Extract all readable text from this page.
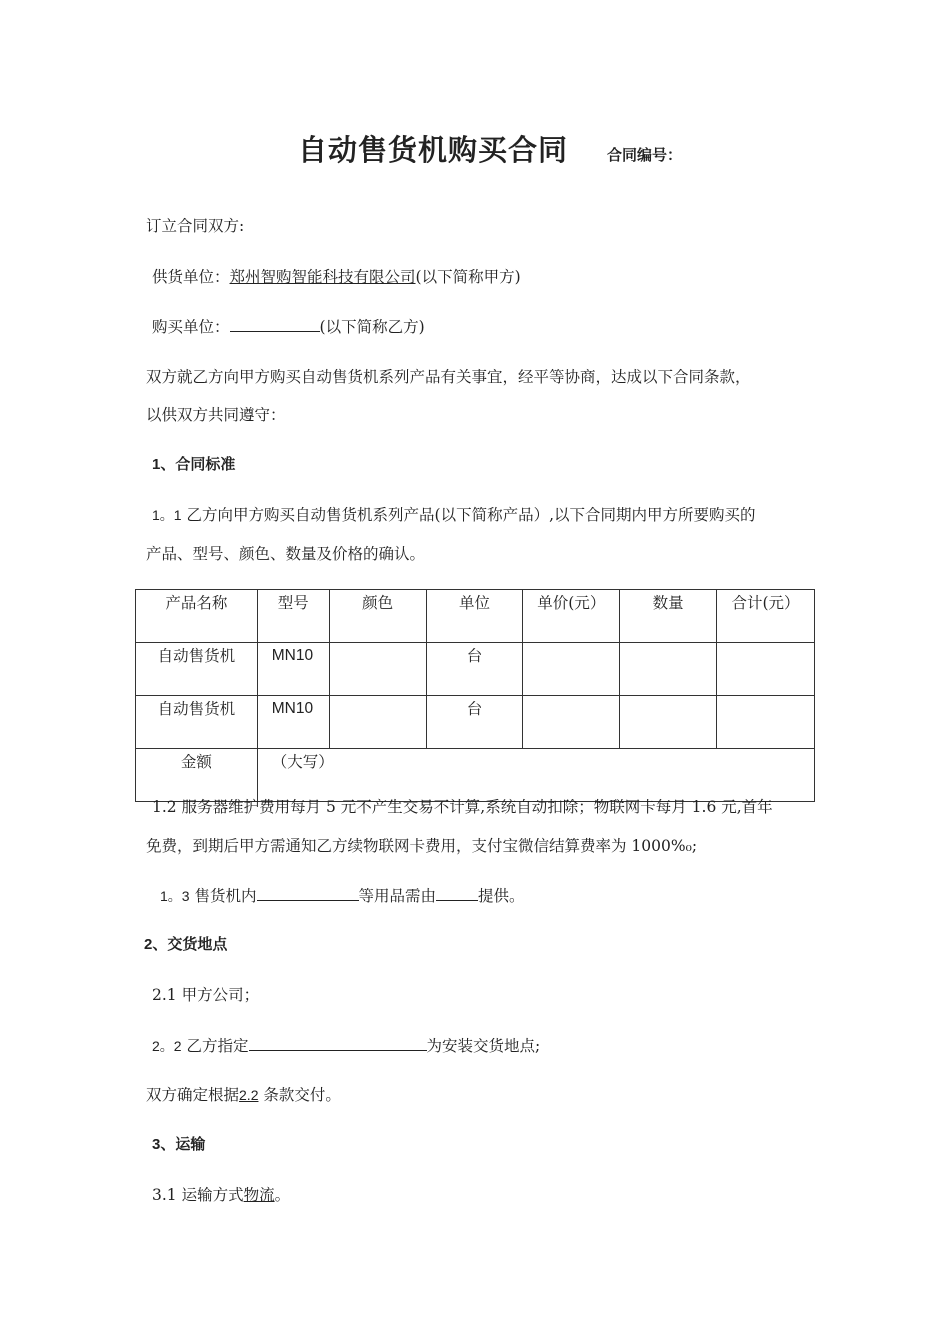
自动售货机购买合同	合同编号：
订立合同双方:
供货单位：郑州智购智能科技有限公司(以下简称甲方)
购买单位：	(以下简称乙方)
双方就乙方向甲方购买自动售货机系列产品有关事宜，经平等协商，达成以下合同条款，
以供双方共同遵守：
1、合同标准
1。1 乙方向甲方购买自动售货机系列产品(以下简称产品）,以下合同期内甲方所要购买的
产品、型号、颜色、数量及价格的确认。
产品名称	型号	颜色	单位	单价(元）	数量	合计(元）
自动售货机	MN10		台			
自动售货机	MN10		台			
金额	（大写）					
1.2 服务器维护费用每月 5 元不产生交易不计算,系统自动扣除；物联网卡每月 1.6 元,首年
免费，到期后甲方需通知乙方续物联网卡费用，支付宝微信结算费率为 1000%₀;
1。3 售货机内	等用品需由	提供。
2、交货地点
2.1 甲方公司；
2。2 乙方指定	为安装交货地点;
双方确定根据2.2 条款交付。
3、运输
3.1 运输方式物流。
